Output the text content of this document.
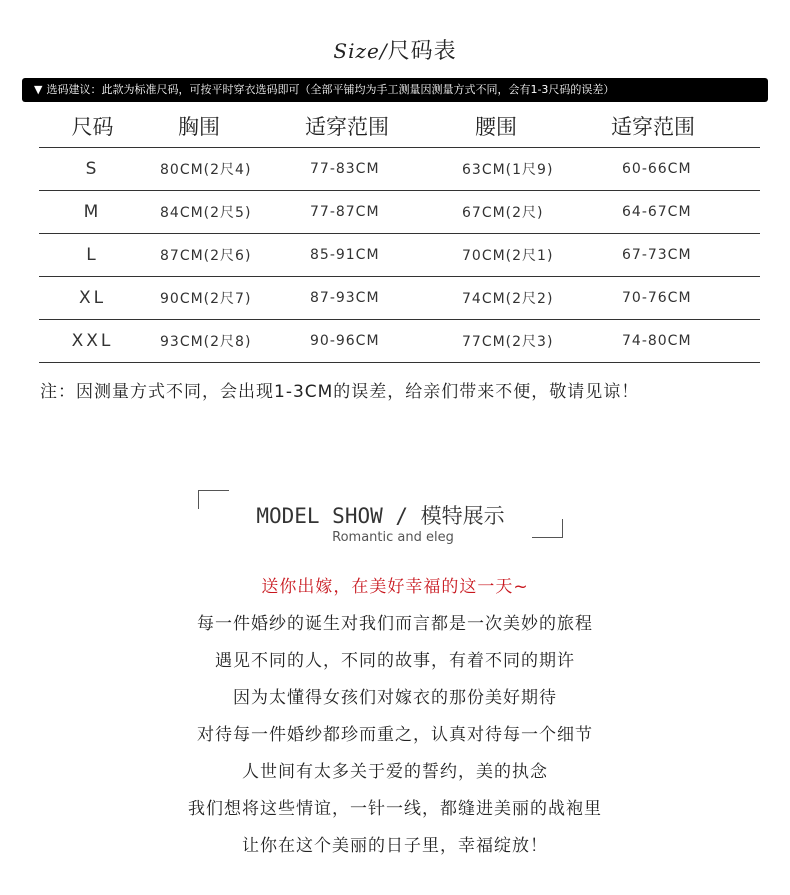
Size/尺码表
▼ 选码建议：此款为标准尺码，可按平时穿衣选码即可（全部平铺均为手工测量因测量方式不同，会有1-3尺码的误差）
尺码	胸围	适穿范围	腰围	适穿范围
S	80CM(2尺4)	77-83CM	63CM(1尺9)	60-66CM
M	84CM(2尺5)	77-87CM	67CM(2尺)	64-67CM
L	87CM(2尺6)	85-91CM	70CM(2尺1)	67-73CM
XL	90CM(2尺7)	87-93CM	74CM(2尺2)	70-76CM
XXL	93CM(2尺8)	90-96CM	77CM(2尺3)	74-80CM
注：因测量方式不同，会出现1-3CM的误差，给亲们带来不便，敬请见谅！
MODEL SHOW / 模特展示
Romantic and eleg
送你出嫁，在美好幸福的这一天~
每一件婚纱的诞生对我们而言都是一次美妙的旅程
遇见不同的人，不同的故事，有着不同的期许
因为太懂得女孩们对嫁衣的那份美好期待
对待每一件婚纱都珍而重之，认真对待每一个细节
人世间有太多关于爱的誓约，美的执念
我们想将这些情谊，一针一线，都缝进美丽的战袍里
让你在这个美丽的日子里，幸福绽放！
